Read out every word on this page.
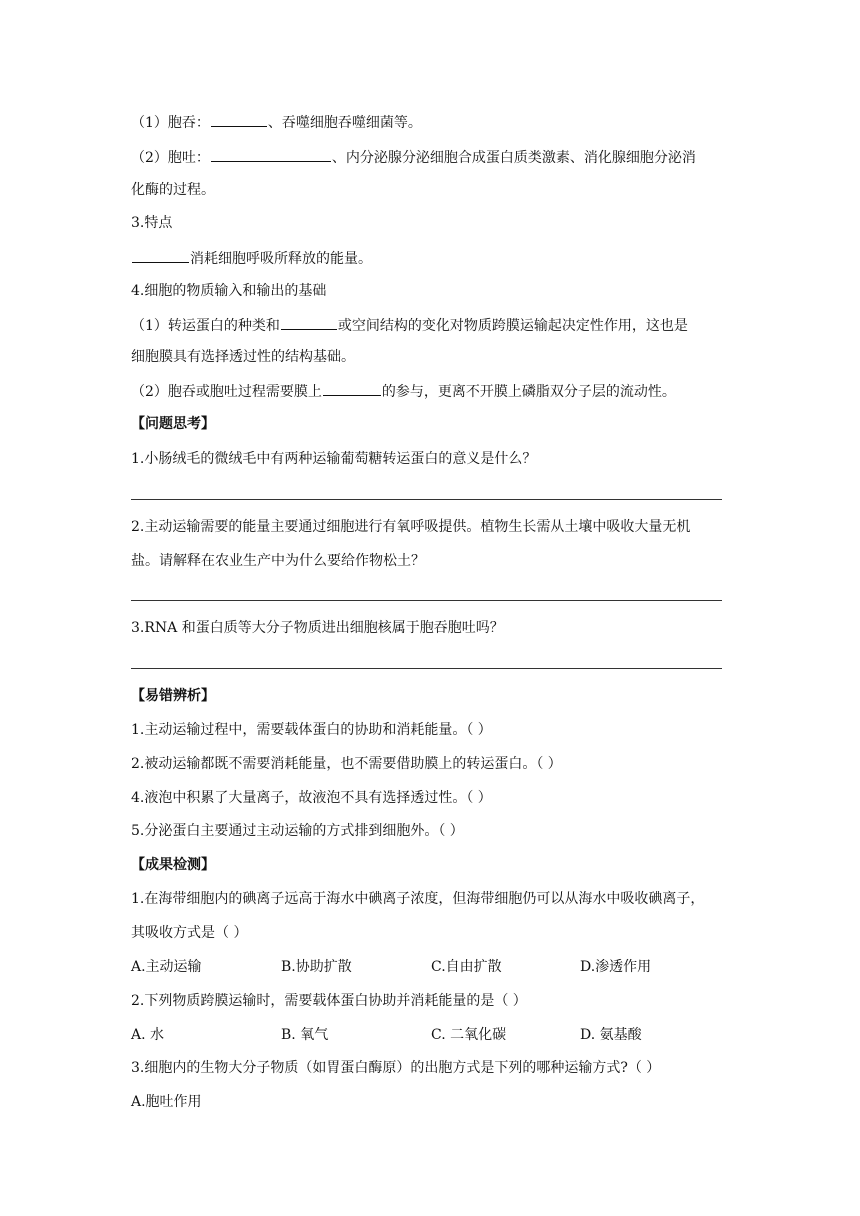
（1）胞吞：	、吞噬细胞吞噬细菌等。
（2）胞吐：	、内分泌腺分泌细胞合成蛋白质类激素、消化腺细胞分泌消
化酶的过程。
3.特点
消耗细胞呼吸所释放的能量。
4.细胞的物质输入和输出的基础
（1）转运蛋白的种类和	或空间结构的变化对物质跨膜运输起决定性作用，这也是
细胞膜具有选择透过性的结构基础。
（2）胞吞或胞吐过程需要膜上	的参与，更离不开膜上磷脂双分子层的流动性。
【问题思考】
1.小肠绒毛的微绒毛中有两种运输葡萄糖转运蛋白的意义是什么？
2.主动运输需要的能量主要通过细胞进行有氧呼吸提供。植物生长需从土壤中吸收大量无机
盐。请解释在农业生产中为什么要给作物松土？
3.RNA 和蛋白质等大分子物质进出细胞核属于胞吞胞吐吗？
【易错辨析】
1.主动运输过程中，需要载体蛋白的协助和消耗能量。（ ）
2.被动运输都既不需要消耗能量，也不需要借助膜上的转运蛋白。（ ）
4.液泡中积累了大量离子，故液泡不具有选择透过性。（ ）
5.分泌蛋白主要通过主动运输的方式排到细胞外。（ ）
【成果检测】
1.在海带细胞内的碘离子远高于海水中碘离子浓度，但海带细胞仍可以从海水中吸收碘离子，
其吸收方式是（ ）
A.主动运输	B.协助扩散	C.自由扩散	D.渗透作用
2.下列物质跨膜运输时，需要载体蛋白协助并消耗能量的是（ ）
A. 水	B. 氧气	C. 二氧化碳	D. 氨基酸
3.细胞内的生物大分子物质（如胃蛋白酶原）的出胞方式是下列的哪种运输方式?（ ）
A.胞吐作用
